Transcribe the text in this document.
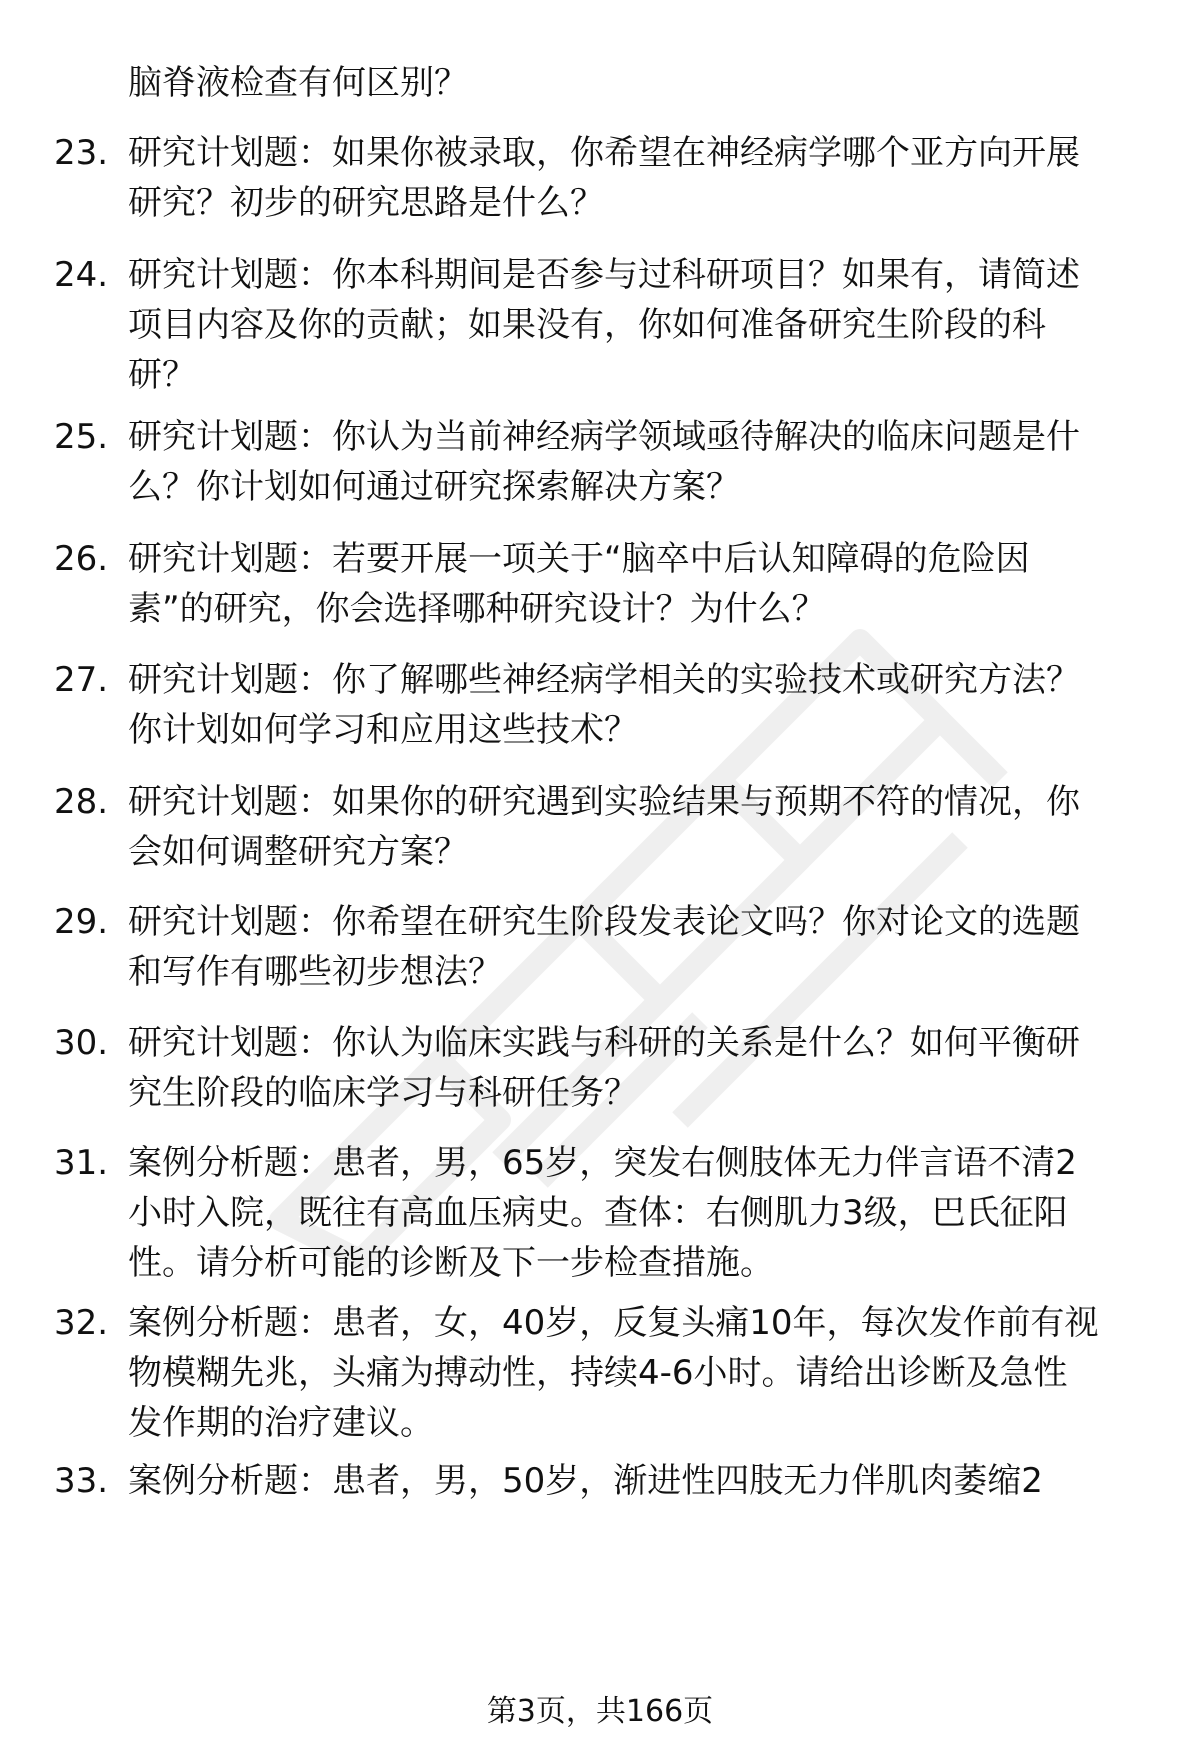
脑脊液检查有何区别？
23. 研究计划题：如果你被录取，你希望在神经病学哪个亚方向开展
研究？初步的研究思路是什么？
24. 研究计划题：你本科期间是否参与过科研项目？如果有，请简述
项目内容及你的贡献；如果没有，你如何准备研究生阶段的科
研？
25. 研究计划题：你认为当前神经病学领域亟待解决的临床问题是什
么？你计划如何通过研究探索解决方案？
26. 研究计划题：若要开展一项关于“脑卒中后认知障碍的危险因
素”的研究，你会选择哪种研究设计？为什么？
27. 研究计划题：你了解哪些神经病学相关的实验技术或研究方法？
你计划如何学习和应用这些技术？
28. 研究计划题：如果你的研究遇到实验结果与预期不符的情况，你
会如何调整研究方案？
29. 研究计划题：你希望在研究生阶段发表论文吗？你对论文的选题
和写作有哪些初步想法？
30. 研究计划题：你认为临床实践与科研的关系是什么？如何平衡研
究生阶段的临床学习与科研任务？
31. 案例分析题：患者，男，65岁，突发右侧肢体无力伴言语不清2
小时入院，既往有高血压病史。查体：右侧肌力3级，巴氏征阳
性。请分析可能的诊断及下一步检查措施。
32. 案例分析题：患者，女，40岁，反复头痛10年，每次发作前有视
物模糊先兆，头痛为搏动性，持续4-6小时。请给出诊断及急性
发作期的治疗建议。
33. 案例分析题：患者，男，50岁，渐进性四肢无力伴肌肉萎缩2
第3页，共166页
